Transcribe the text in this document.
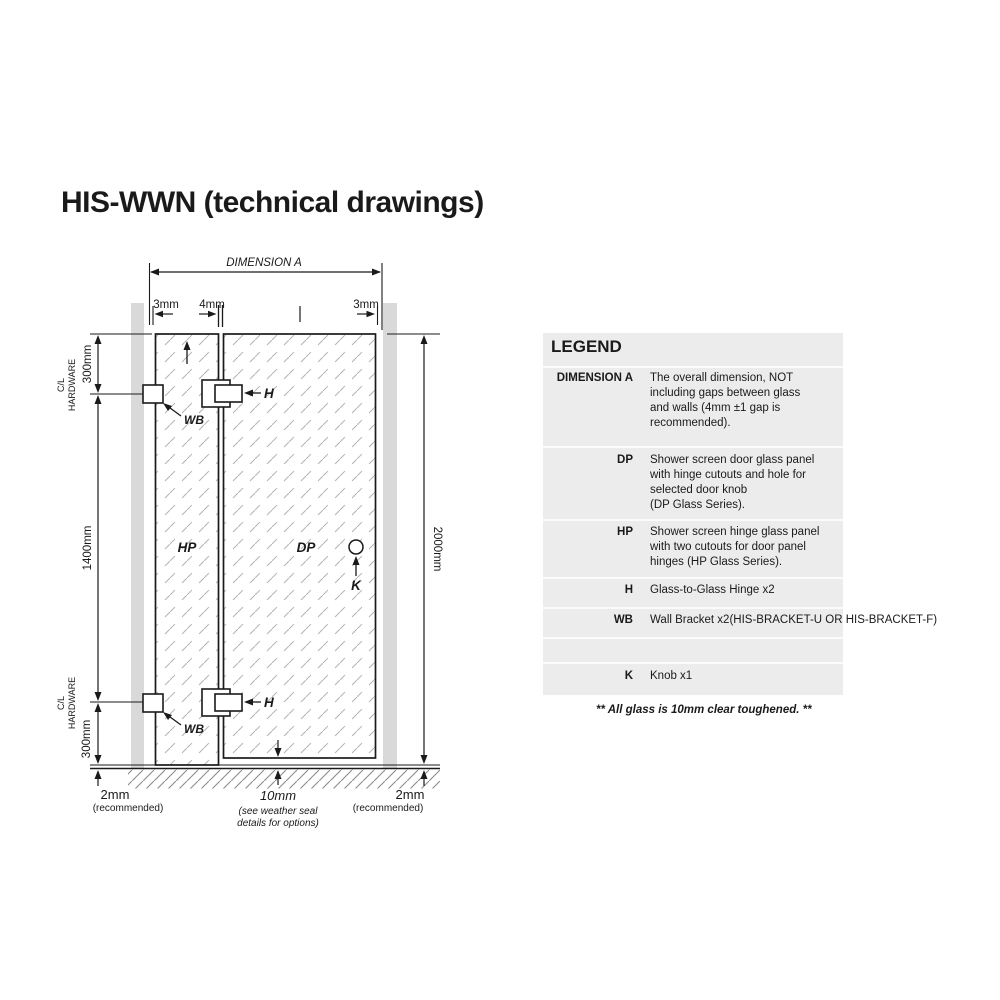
HIS-WWN (technical drawings)
DIMENSION A
3mm 4mm	3mm
2000mm
2mm
(recommended)
300mm
1400mm
300mm
2mm
(recommended)
C/L HARDWARE
C/L HARDWARE
WB
H
WB
H
HP	DP
K
10mm
(see weather seal
details for options)
LEGEND
DIMENSION A The overall dimension, NOT
including gaps between glass
and walls (4mm ±1 gap is
recommended).
DP Shower screen door glass panel
with hinge cutouts and hole for
selected door knob
(DP Glass Series).
HP Shower screen hinge glass panel
with two cutouts for door panel
hinges (HP Glass Series).
H Glass-to-Glass Hinge x2
WB Wall Bracket x2(HIS-BRACKET-U OR HIS-BRACKET-F)
K Knob x1
** All glass is 10mm clear toughened. **
